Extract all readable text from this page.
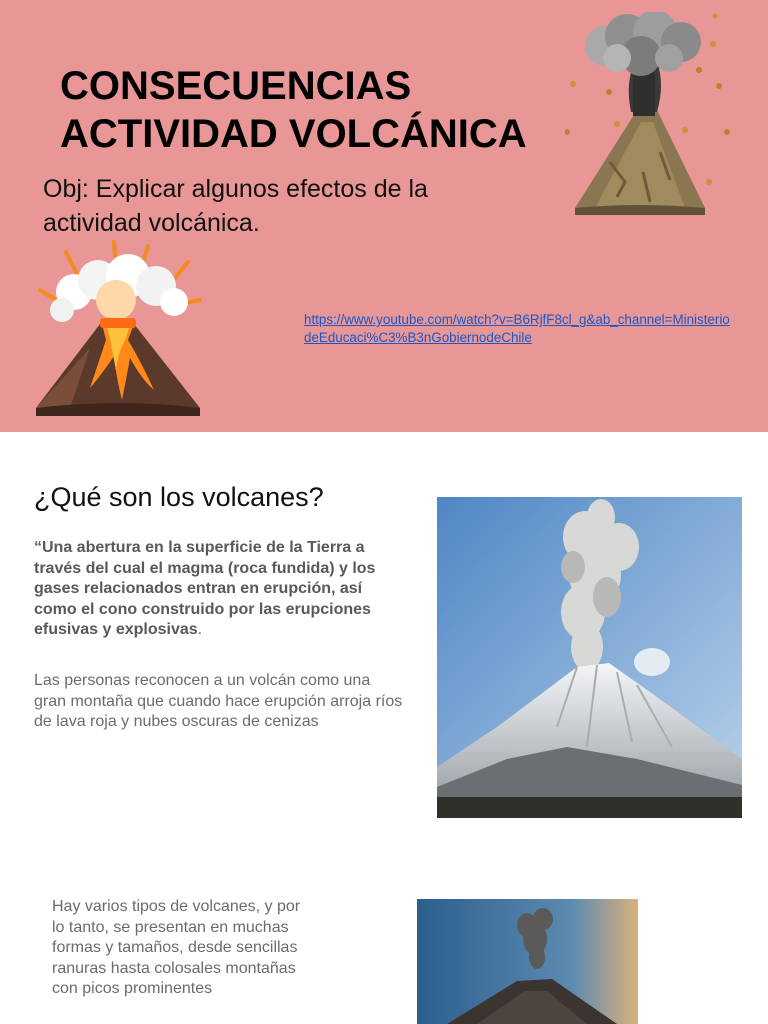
CONSECUENCIAS
ACTIVIDAD VOLCÁNICA

Obj: Explicar algunos efectos de la actividad volcánica.

https://www.youtube.com/watch?v=B6RjfF8cl_g&ab_channel=MinisteriodeEducaci%C3%B3nGobiernodeChile
¿Qué son los volcanes?

“Una abertura en la superficie de la Tierra a través del cual el magma (roca fundida) y los gases relacionados entran en erupción, así como el cono construido por las erupciones efusivas y explosivas.

Las personas reconocen a un volcán como una gran montaña que cuando hace erupción arroja ríos de lava roja y nubes oscuras de cenizas

Hay varios tipos de volcanes, y por lo tanto, se presentan en muchas formas y tamaños, desde sencillas ranuras hasta colosales montañas con picos prominentes
